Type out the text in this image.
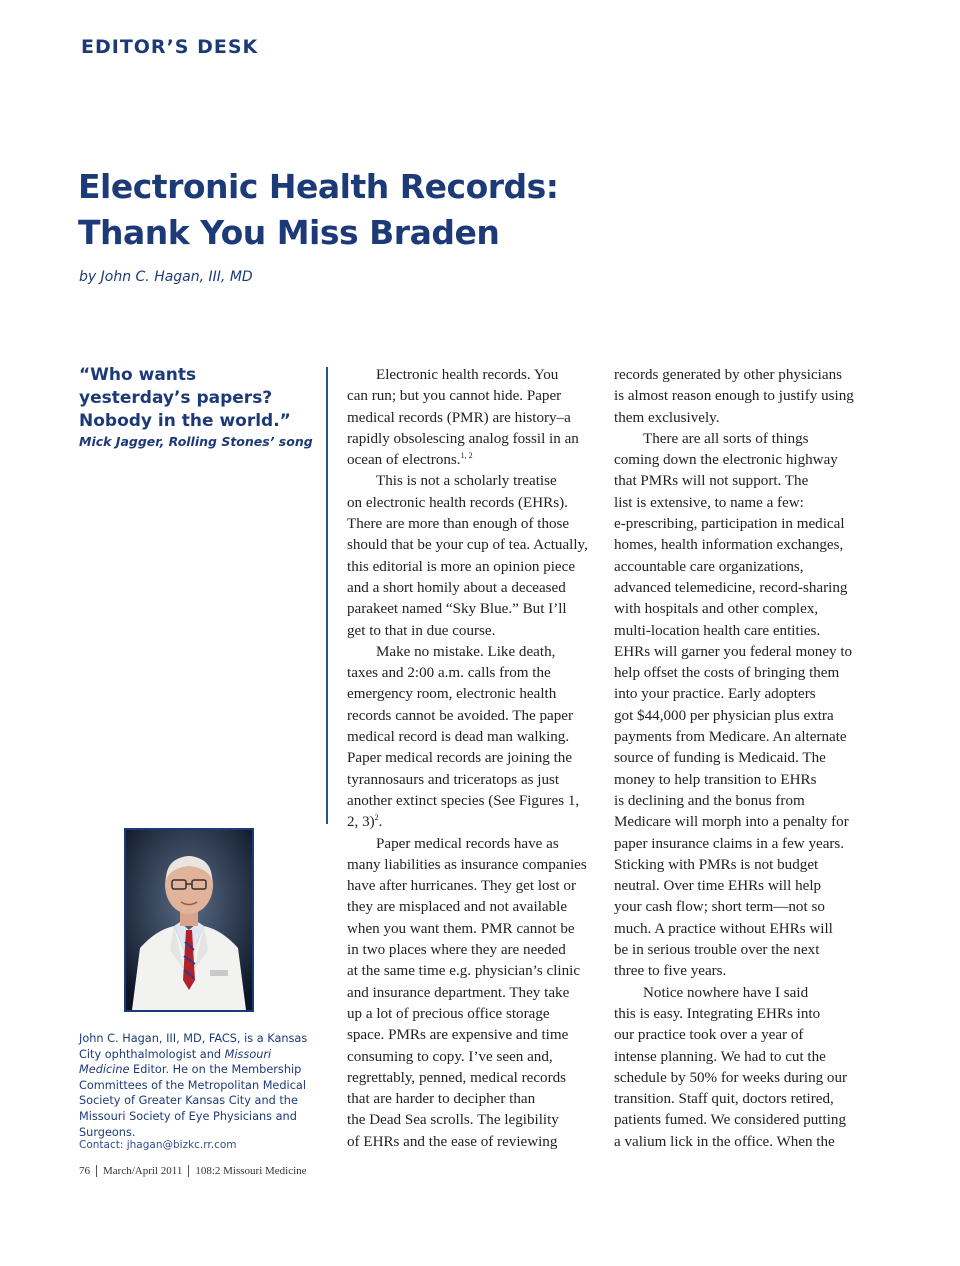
EDITOR’S DESK
Electronic Health Records:
Thank You Miss Braden
by John C. Hagan, III, MD
“Who wants
yesterday’s papers?
Nobody in the world.”
Mick Jagger, Rolling Stones’ song
John C. Hagan, III, MD, FACS, is a Kansas City ophthalmologist and Missouri Medicine Editor. He on the Membership Committees of the Metropolitan Medical Society of Greater Kansas City and the Missouri Society of Eye Physicians and Surgeons.
Contact: jhagan@bizkc.rr.com
76 March/April 2011 108:2 Missouri Medicine
Electronic health records. You
can run; but you cannot hide. Paper
medical records (PMR) are history–a
rapidly obsolescing analog fossil in an
ocean of electrons.$^{1, 2}$
This is not a scholarly treatise
on electronic health records (EHRs).
There are more than enough of those
should that be your cup of tea. Actually,
this editorial is more an opinion piece
and a short homily about a deceased
parakeet named “Sky Blue.” But I’ll
get to that in due course.
Make no mistake. Like death,
taxes and 2:00 a.m. calls from the
emergency room, electronic health
records cannot be avoided. The paper
medical record is dead man walking.
Paper medical records are joining the
tyrannosaurs and triceratops as just
another extinct species (See Figures 1,
2, 3)$^2$.
Paper medical records have as
many liabilities as insurance companies
have after hurricanes. They get lost or
they are misplaced and not available
when you want them. PMR cannot be
in two places where they are needed
at the same time e.g. physician’s clinic
and insurance department. They take
up a lot of precious office storage
space. PMRs are expensive and time
consuming to copy. I’ve seen and,
regrettably, penned, medical records
that are harder to decipher than
the Dead Sea scrolls. The legibility
of EHRs and the ease of reviewing
records generated by other physicians
is almost reason enough to justify using
them exclusively.
There are all sorts of things
coming down the electronic highway
that PMRs will not support. The
list is extensive, to name a few:
e-prescribing, participation in medical
homes, health information exchanges,
accountable care organizations,
advanced telemedicine, record-sharing
with hospitals and other complex,
multi-location health care entities.
EHRs will garner you federal money to
help offset the costs of bringing them
into your practice. Early adopters
got $44,000 per physician plus extra
payments from Medicare. An alternate
source of funding is Medicaid. The
money to help transition to EHRs
is declining and the bonus from
Medicare will morph into a penalty for
paper insurance claims in a few years.
Sticking with PMRs is not budget
neutral. Over time EHRs will help
your cash flow; short term—not so
much. A practice without EHRs will
be in serious trouble over the next
three to five years.
Notice nowhere have I said
this is easy. Integrating EHRs into
our practice took over a year of
intense planning. We had to cut the
schedule by 50% for weeks during our
transition. Staff quit, doctors retired,
patients fumed. We considered putting
a valium lick in the office. When the
